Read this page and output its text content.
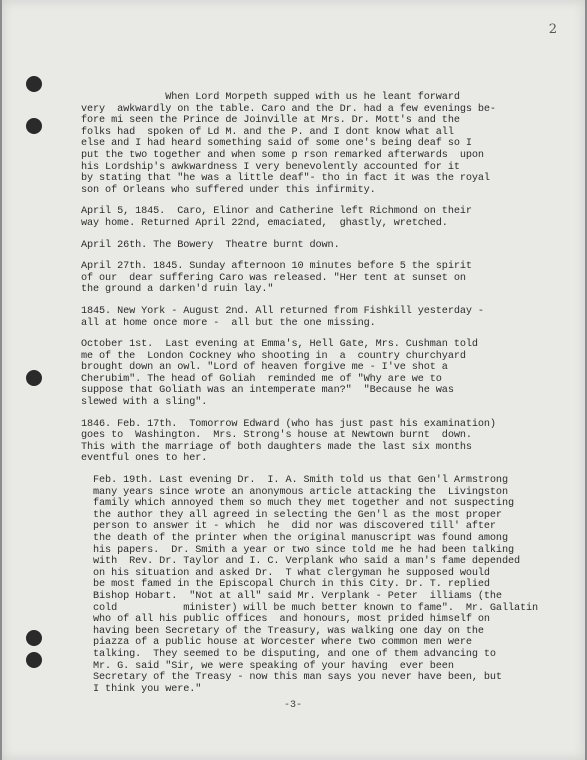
2
When Lord Morpeth supped with us he leant forward
very  awkwardly on the table. Caro and the Dr. had a few evenings be-
fore mi seen the Prince de Joinville at Mrs. Dr. Mott's and the
folks had  spoken of Ld M. and the P. and I dont know what all
else and I had heard something said of some one's being deaf so I
put the two together and when some p rson remarked afterwards  upon
his Lordship's awkwardness I very benevolently accounted for it
by stating that "he was a little deaf"- tho in fact it was the royal
son of Orleans who suffered under this infirmity.
April 5, 1845.  Caro, Elinor and Catherine left Richmond on their
way home. Returned April 22nd, emaciated,  ghastly, wretched.
April 26th. The Bowery  Theatre burnt down.
April 27th. 1845. Sunday afternoon 10 minutes before 5 the spirit
of our  dear suffering Caro was released. "Her tent at sunset on
the ground a darken'd ruin lay."
1845. New York - August 2nd. All returned from Fishkill yesterday -
all at home once more -  all but the one missing.
October 1st.  Last evening at Emma's, Hell Gate, Mrs. Cushman told
me of the  London Cockney who shooting in  a  country churchyard
brought down an owl. "Lord of heaven forgive me - I've shot a
Cherubim". The head of Goliah  reminded me of "Why are we to
suppose that Goliath was an intemperate man?"  "Because he was
slewed with a sling".
1846. Feb. 17th.  Tomorrow Edward (who has just past his examination)
goes to  Washington.  Mrs. Strong's house at Newtown burnt  down.
This with the marriage of both daughters made the last six months
eventful ones to her.
Feb. 19th. Last evening Dr.  I. A. Smith told us that Gen'l Armstrong
many years since wrote an anonymous article attacking the  Livingston
family which annoyed them so much they met together and not suspecting
the author they all agreed in selecting the Gen'l as the most proper
person to answer it - which  he  did nor was discovered till' after
the death of the printer when the original manuscript was found among
his papers.  Dr. Smith a year or two since told me he had been talking
with  Rev. Dr. Taylor and I. C. Verplank who said a man's fame depended
on his situation and asked Dr.  T what clergyman he supposed would
be most famed in the Episcopal Church in this City. Dr. T. replied
Bishop Hobart.  "Not at all" said Mr. Verplank - Peter  illiams (the
cold           minister) will be much better known to fame".  Mr. Gallatin
who of all his public offices  and honours, most prided himself on
having been Secretary of the Treasury, was walking one day on the
piazza of a public house at Worcester where two common men were
talking.  They seemed to be disputing, and one of them advancing to
Mr. G. said "Sir, we were speaking of your having  ever been
Secretary of the Treasy - now this man says you never have been, but
I think you were."
-3-
